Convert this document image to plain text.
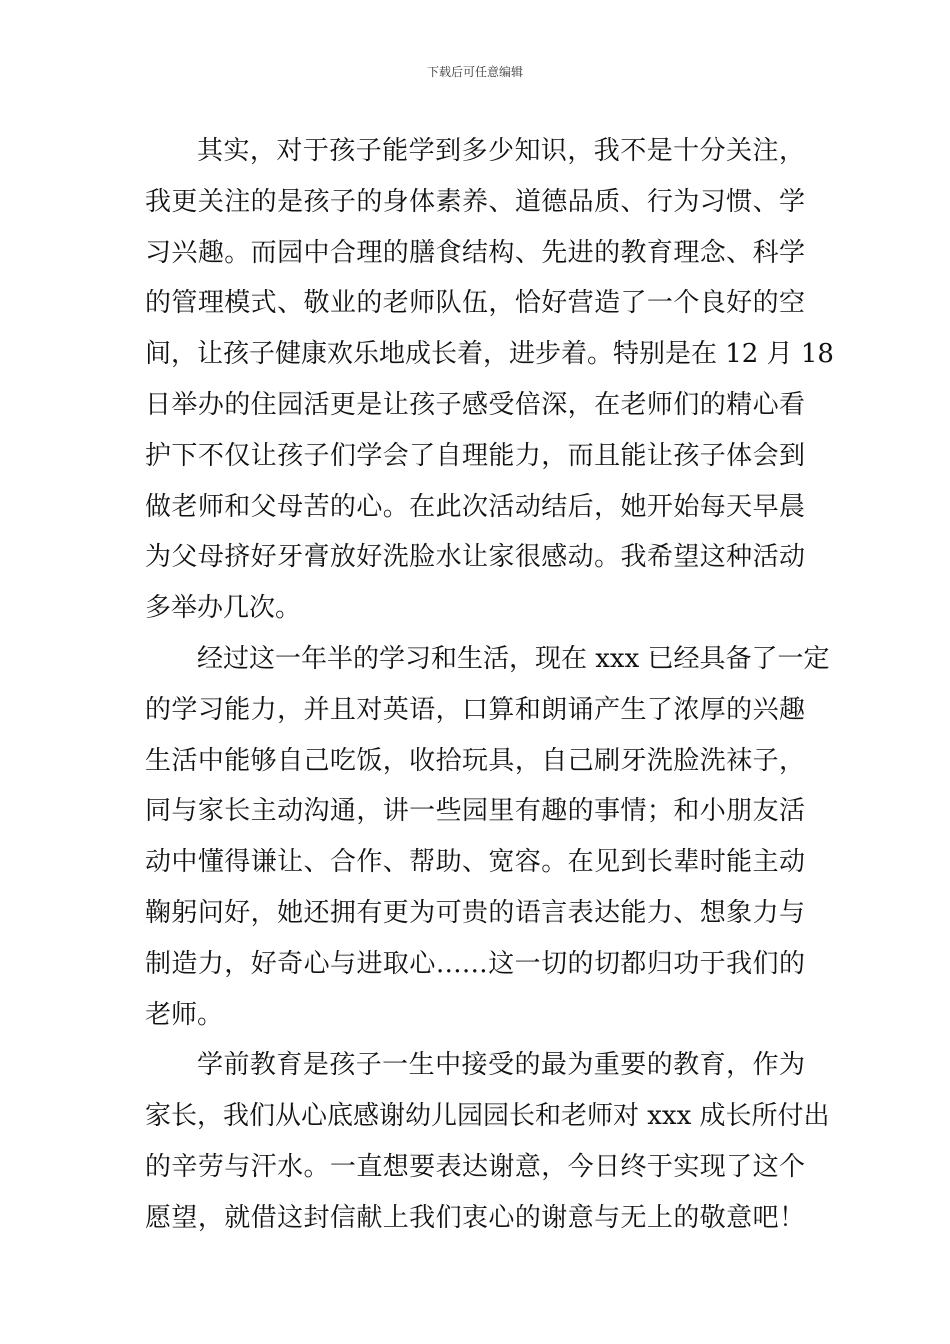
下载后可任意编辑
其实，对于孩子能学到多少知识，我不是十分关注，
我更关注的是孩子的身体素养、道德品质、行为习惯、学
习兴趣。而园中合理的膳食结构、先进的教育理念、科学
的管理模式、敬业的老师队伍，恰好营造了一个良好的空
间，让孩子健康欢乐地成长着，进步着。特别是在 12 月 18
日举办的住园活更是让孩子感受倍深，在老师们的精心看
护下不仅让孩子们学会了自理能力，而且能让孩子体会到
做老师和父母苦的心。在此次活动结后，她开始每天早晨
为父母挤好牙膏放好洗脸水让家很感动。我希望这种活动
多举办几次。
经过这一年半的学习和生活，现在 xxx 已经具备了一定
的学习能力，并且对英语，口算和朗诵产生了浓厚的兴趣
生活中能够自己吃饭，收拾玩具，自己刷牙洗脸洗袜子，
同与家长主动沟通，讲一些园里有趣的事情；和小朋友活
动中懂得谦让、合作、帮助、宽容。在见到长辈时能主动
鞠躬问好，她还拥有更为可贵的语言表达能力、想象力与
制造力，好奇心与进取心……这一切的切都归功于我们的
老师。
学前教育是孩子一生中接受的最为重要的教育，作为
家长，我们从心底感谢幼儿园园长和老师对 xxx 成长所付出
的辛劳与汗水。一直想要表达谢意，今日终于实现了这个
愿望，就借这封信献上我们衷心的谢意与无上的敬意吧！
